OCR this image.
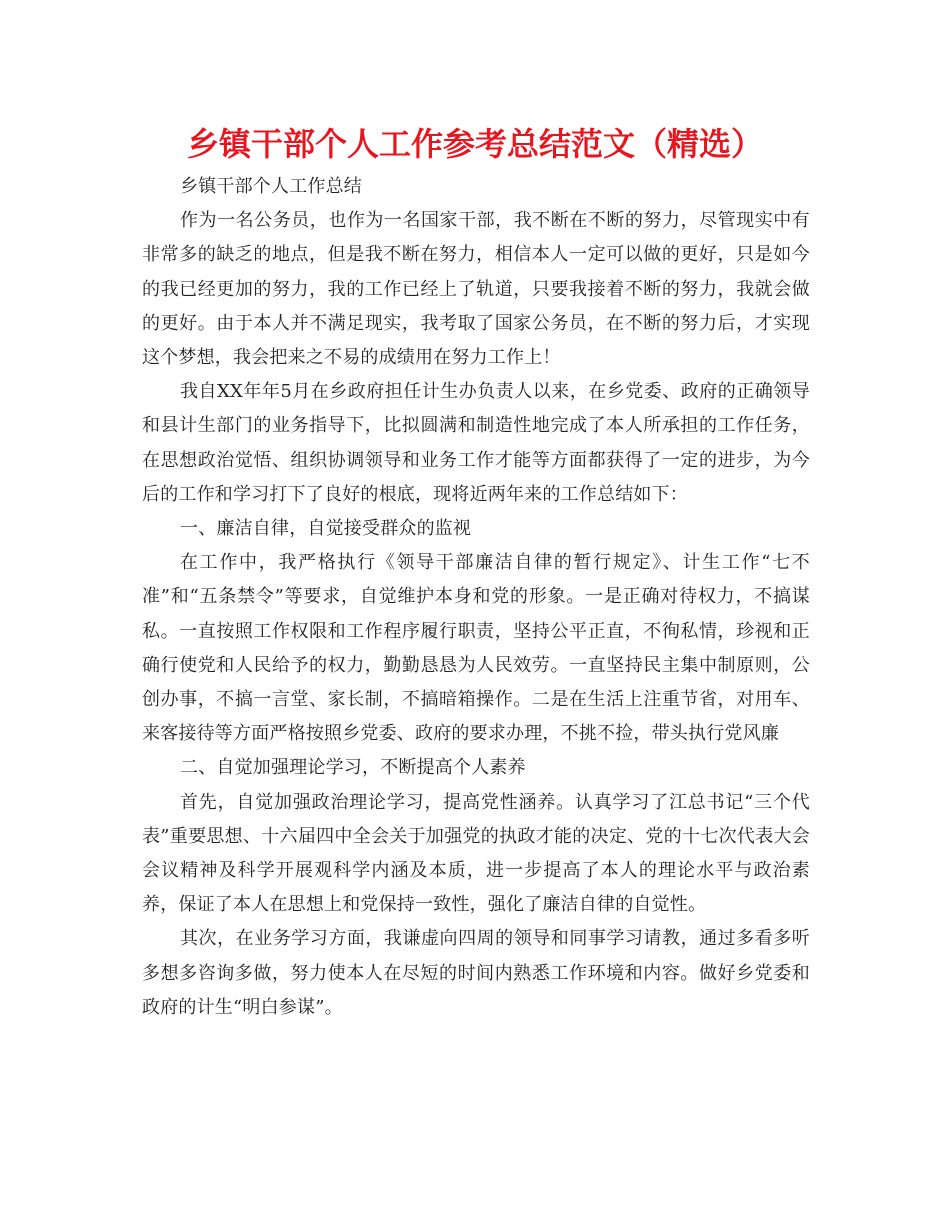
乡镇干部个人工作参考总结范文（精选）

乡镇干部个人工作总结

作为一名公务员，也作为一名国家干部，我不断在不断的努力，尽管现实中有非常多的缺乏的地点，但是我不断在努力，相信本人一定可以做的更好，只是如今的我已经更加的努力，我的工作已经上了轨道，只要我接着不断的努力，我就会做的更好。由于本人并不满足现实，我考取了国家公务员，在不断的努力后，才实现这个梦想，我会把来之不易的成绩用在努力工作上！

我自XX年年5月在乡政府担任计生办负责人以来，在乡党委、政府的正确领导和县计生部门的业务指导下，比拟圆满和制造性地完成了本人所承担的工作任务，在思想政治觉悟、组织协调领导和业务工作才能等方面都获得了一定的进步，为今后的工作和学习打下了良好的根底，现将近两年来的工作总结如下：

一、廉洁自律，自觉接受群众的监视

在工作中，我严格执行《领导干部廉洁自律的暂行规定》、计生工作“七不准”和“五条禁令”等要求，自觉维护本身和党的形象。一是正确对待权力，不搞谋私。一直按照工作权限和工作程序履行职责，坚持公平正直，不徇私情，珍视和正确行使党和人民给予的权力，勤勤恳恳为人民效劳。一直坚持民主集中制原则，公创办事，不搞一言堂、家长制，不搞暗箱操作。二是在生活上注重节省，对用车、来客接待等方面严格按照乡党委、政府的要求办理，不挑不捡，带头执行党风廉

二、自觉加强理论学习，不断提高个人素养

首先，自觉加强政治理论学习，提高党性涵养。认真学习了江总书记“三个代表”重要思想、十六届四中全会关于加强党的执政才能的决定、党的十七次代表大会会议精神及科学开展观科学内涵及本质，进一步提高了本人的理论水平与政治素养，保证了本人在思想上和党保持一致性，强化了廉洁自律的自觉性。

其次，在业务学习方面，我谦虚向四周的领导和同事学习请教，通过多看多听多想多咨询多做，努力使本人在尽短的时间内熟悉工作环境和内容。做好乡党委和政府的计生“明白参谋”。
